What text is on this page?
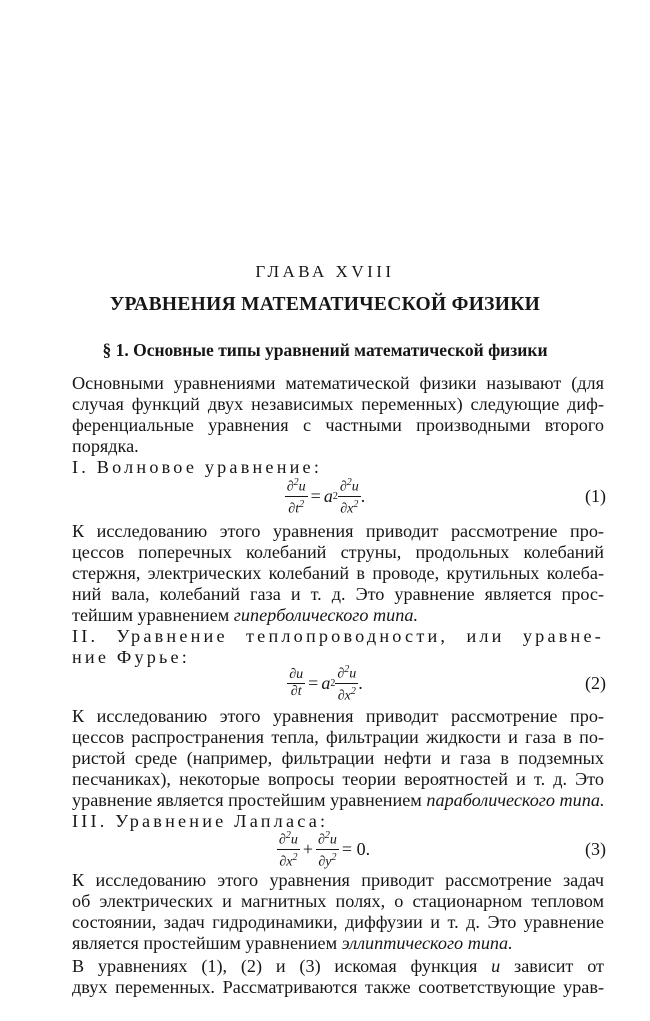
ГЛАВА XVIII
УРАВНЕНИЯ МАТЕМАТИЧЕСКОЙ ФИЗИКИ
§ 1. Основные типы уравнений математической физики
Основными уравнениями математической физики называют (для
случая функций двух независимых переменных) следующие диф-
ференциальные уравнения с частными производными второго
порядка.
I. Волновое уравнение:
$\frac{\partial^2u}{\partial t^2} = a$ $2 \frac{\partial^2u}{\partial x^2}$ .	(1)
К исследованию этого уравнения приводит рассмотрение про-
цессов поперечных колебаний струны, продольных колебаний
стержня, электрических колебаний в проводе, крутильных колеба-
ний вала, колебаний газа и т. д. Это уравнение является прос-
тейшим уравнением гиперболического типа.
II. Уравнение теплопроводности, или уравне-
ние Фурье:
$\frac{\partial u}{\partial t} = a$ $2 \frac{\partial^2u}{\partial x^2}$ .	(2)
К исследованию этого уравнения приводит рассмотрение про-
цессов распространения тепла, фильтрации жидкости и газа в по-
ристой среде (например, фильтрации нефти и газа в подземных
песчаниках), некоторые вопросы теории вероятностей и т. д. Это
уравнение является простейшим уравнением параболического типа.
III. Уравнение Лапласа:
$\frac{\partial^2u}{\partial x^2} + \frac{\partial^2u}{\partial y^2} = 0$.	(3)
К исследованию этого уравнения приводит рассмотрение задач
об электрических и магнитных полях, о стационарном тепловом
состоянии, задач гидродинамики, диффузии и т. д. Это уравнение
является простейшим уравнением эллиптического типа.
В уравнениях (1), (2) и (3) искомая функция u зависит от
двух переменных. Рассматриваются также соответствующие урав-
